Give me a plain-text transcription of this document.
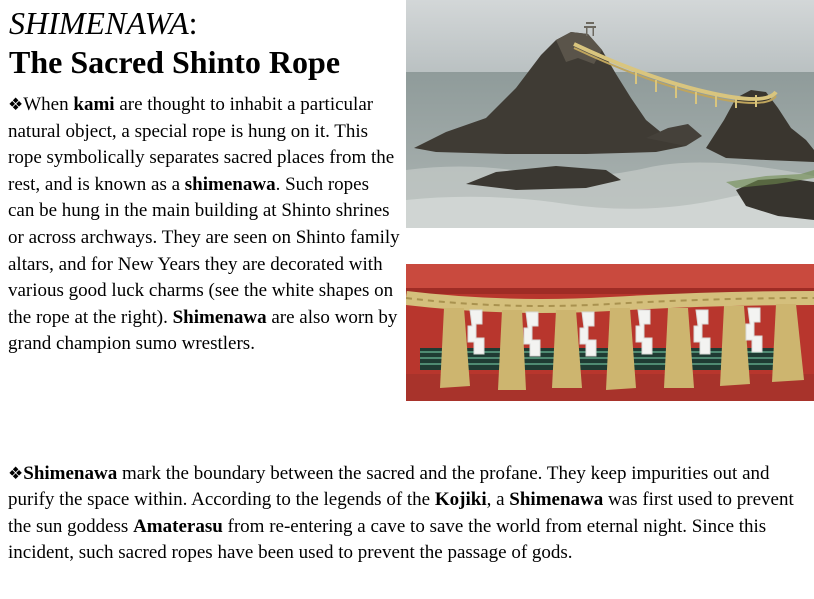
SHIMENAWA:
The Sacred Shinto Rope
❖When kami are thought to inhabit a particular natural object, a special rope is hung on it. This rope symbolically separates sacred places from the rest, and is known as a shimenawa. Such ropes can be hung in the main building at Shinto shrines or across archways. They are seen on Shinto family altars, and for New Years they are decorated with various good luck charms (see the white shapes on the rope at the right). Shimenawa are also worn by grand champion sumo wrestlers.
❖Shimenawa mark the boundary between the sacred and the profane. They keep impurities out and purify the space within. According to the legends of the Kojiki, a Shimenawa was first used to prevent the sun goddess Amaterasu from re-entering a cave to save the world from eternal night. Since this incident, such sacred ropes have been used to prevent the passage of gods.
